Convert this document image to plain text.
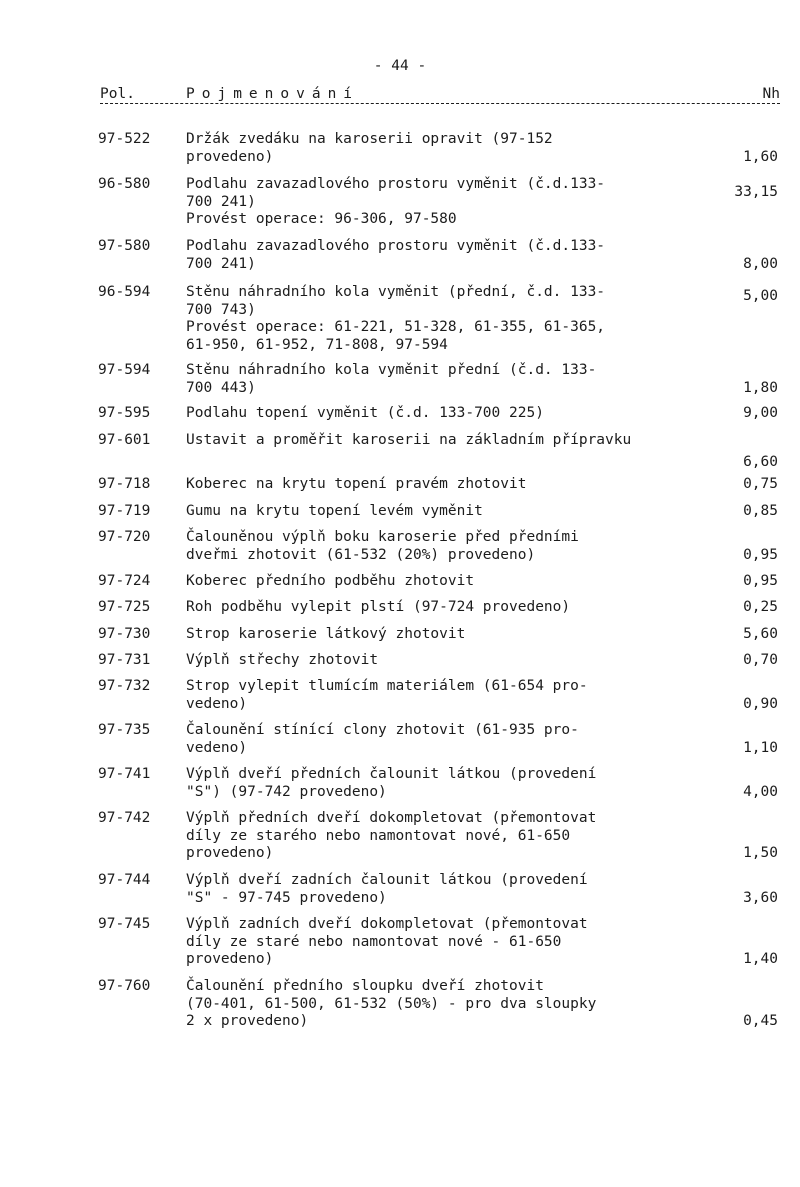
- 44 -
Pol.	Pojmenování	Nh
97-522 Držák zvedáku na karoserii opravit (97-152
provedeno)	1,60
96-580 Podlahu zavazadlového prostoru vyměnit (č.d.133-
700 241)
Provést operace: 96-306, 97-580
33,15
97-580 Podlahu zavazadlového prostoru vyměnit (č.d.133-
700 241)	8,00
96-594 Stěnu náhradního kola vyměnit (přední, č.d. 133-
700 743)
Provést operace: 61-221, 51-328, 61-355, 61-365,
61-950, 61-952, 71-808, 97-594
5,00
97-594 Stěnu náhradního kola vyměnit přední (č.d. 133-
700 443)	1,80
97-595 Podlahu topení vyměnit (č.d. 133-700 225)	9,00
97-601 Ustavit a proměřit karoserii na základním přípravku
6,60
97-718 Koberec na krytu topení pravém zhotovit	0,75
97-719 Gumu na krytu topení levém vyměnit	0,85
97-720 Čalouněnou výplň boku karoserie před předními
dveřmi zhotovit (61-532 (20%) provedeno)	0,95
97-724 Koberec předního podběhu zhotovit	0,95
97-725 Roh podběhu vylepit plstí (97-724 provedeno)	0,25
97-730 Strop karoserie látkový zhotovit	5,60
97-731 Výplň střechy zhotovit	0,70
97-732 Strop vylepit tlumícím materiálem (61-654 pro-
vedeno)	0,90
97-735 Čalounění stínící clony zhotovit (61-935 pro-
vedeno)	1,10
97-741 Výplň dveří předních čalounit látkou (provedení
"S") (97-742 provedeno)	4,00
97-742 Výplň předních dveří dokompletovat (přemontovat
díly ze starého nebo namontovat nové, 61-650
provedeno)	1,50
97-744 Výplň dveří zadních čalounit látkou (provedení
"S" - 97-745 provedeno)	3,60
97-745 Výplň zadních dveří dokompletovat (přemontovat
díly ze staré nebo namontovat nové - 61-650
provedeno)	1,40
97-760 Čalounění předního sloupku dveří zhotovit
(70-401, 61-500, 61-532 (50%) - pro dva sloupky
2 x provedeno)	0,45
